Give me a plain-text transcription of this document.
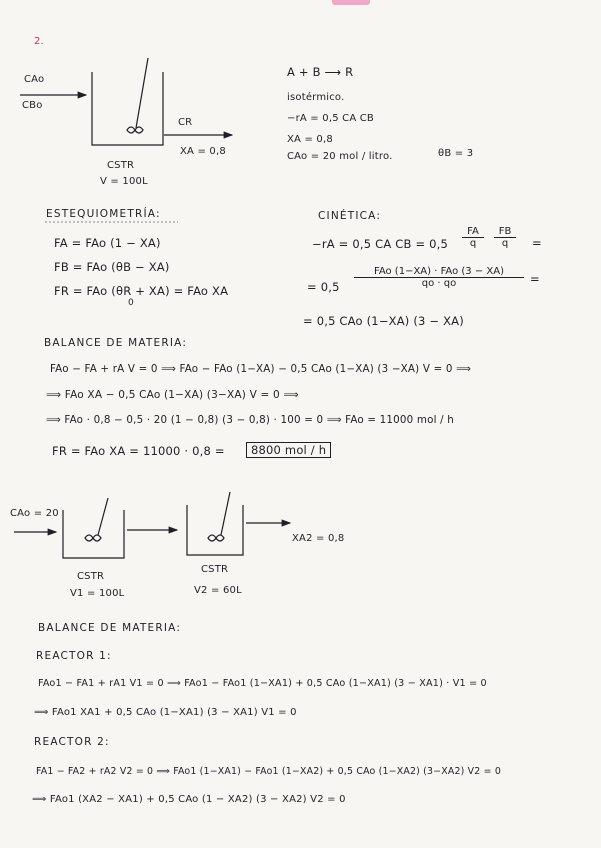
2.
CAo
CBo
CR
XA = 0,8
CSTR
V = 100L
A + B ⟶ R
isotérmico.
−rA = 0,5 CA CB
XA = 0,8
CAo = 20 mol / litro.	θB = 3
ESTEQUIOMETRÍA:
FA = FAo (1 − XA)
FB = FAo (θB − XA)
FR = FAo (θR + XA) = FAo XA
0
CINÉTICA:
−rA = 0,5 CA CB = $0,5 \frac{FA}{q} \frac{FB}{q}$ =
= 0,5
FAo (1−XA) · FAo (3 − XA)
qo · qo	=
= 0,5 CAo (1−XA) (3 − XA)
BALANCE DE MATERIA:
FAo − FA + rA V = 0 ⟹ FAo − FAo (1−XA) − 0,5 CAo (1−XA) (3 −XA) V = 0 ⟹
⟹ FAo XA − 0,5 CAo (1−XA) (3−XA) V = 0 ⟹
⟹ FAo · 0,8 − 0,5 · 20 (1 − 0,8) (3 − 0,8) · 100 = 0 ⟹ FAo = 11000 mol / h
FR = FAo XA = 11000 · 0,8 =	8800 mol / h
CAo = 20
CSTR
V1 = 100L
CSTR
V2 = 60L
XA2 = 0,8
BALANCE DE MATERIA:
REACTOR 1:
FAo1 − FA1 + rA1 V1 = 0 ⟹ FAo1 − FAo1 (1−XA1) + 0,5 CAo (1−XA1) (3 − XA1) · V1 = 0
⟹ FAo1 XA1 + 0,5 CAo (1−XA1) (3 − XA1) V1 = 0
REACTOR 2:
FA1 − FA2 + rA2 V2 = 0 ⟹ FAo1 (1−XA1) − FAo1 (1−XA2) + 0,5 CAo (1−XA2) (3−XA2) V2 = 0
⟹ FAo1 (XA2 − XA1) + 0,5 CAo (1 − XA2) (3 − XA2) V2 = 0
